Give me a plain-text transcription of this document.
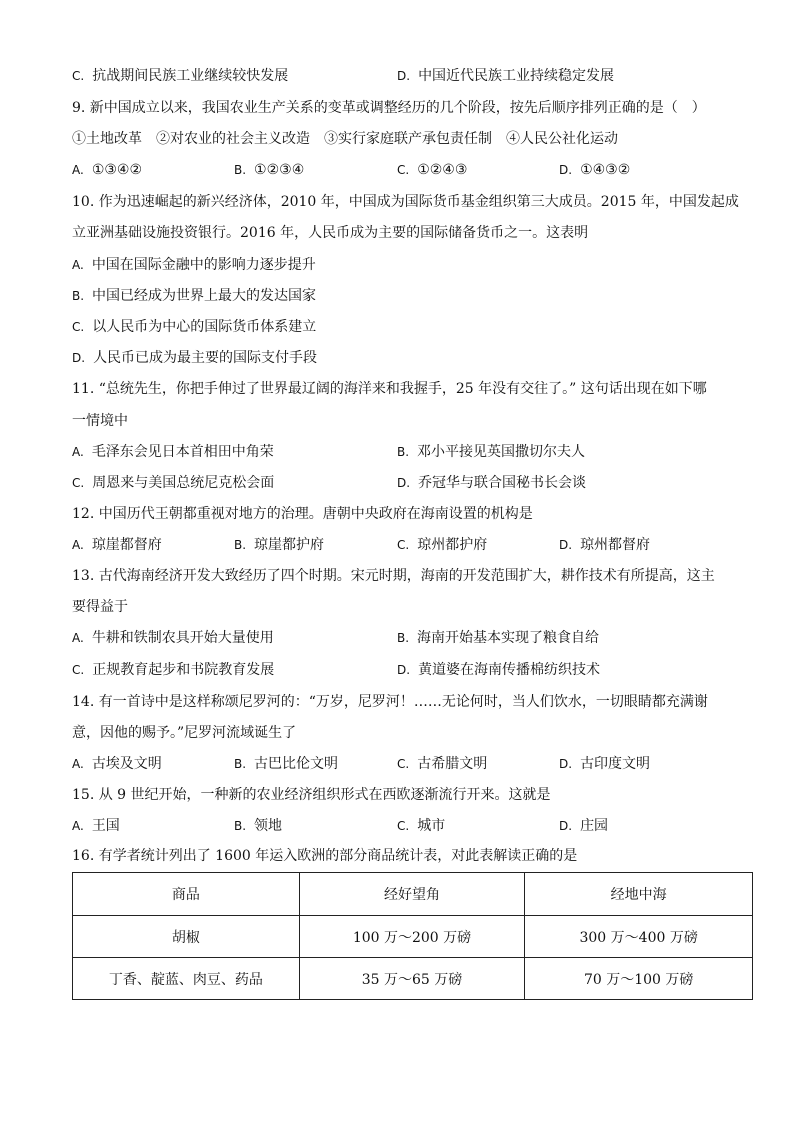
C. 抗战期间民族工业继续较快发展	D. 中国近代民族工业持续稳定发展
9. 新中国成立以来，我国农业生产关系的变革或调整经历的几个阶段，按先后顺序排列正确的是（　）
①土地改革　②对农业的社会主义改造　③实行家庭联产承包责任制　④人民公社化运动
A. ①③④②	B. ①②③④	C. ①②④③	D. ①④③②
10. 作为迅速崛起的新兴经济体，2010 年，中国成为国际货币基金组织第三大成员。2015 年，中国发起成
立亚洲基础设施投资银行。2016 年，人民币成为主要的国际储备货币之一。这表明
A. 中国在国际金融中的影响力逐步提升
B. 中国已经成为世界上最大的发达国家
C. 以人民币为中心的国际货币体系建立
D. 人民币已成为最主要的国际支付手段
11. “总统先生，你把手伸过了世界最辽阔的海洋来和我握手，25 年没有交往了。” 这句话出现在如下哪
一情境中
A. 毛泽东会见日本首相田中角荣	B. 邓小平接见英国撒切尔夫人
C. 周恩来与美国总统尼克松会面	D. 乔冠华与联合国秘书长会谈
12. 中国历代王朝都重视对地方的治理。唐朝中央政府在海南设置的机构是
A. 琼崖都督府	B. 琼崖都护府	C. 琼州都护府	D. 琼州都督府
13. 古代海南经济开发大致经历了四个时期。宋元时期，海南的开发范围扩大，耕作技术有所提高，这主
要得益于
A. 牛耕和铁制农具开始大量使用	B. 海南开始基本实现了粮食自给
C. 正规教育起步和书院教育发展	D. 黄道婆在海南传播棉纺织技术
14. 有一首诗中是这样称颂尼罗河的：“万岁，尼罗河！……无论何时，当人们饮水，一切眼睛都充满谢
意，因他的赐予。”尼罗河流域诞生了
A. 古埃及文明	B. 古巴比伦文明	C. 古希腊文明	D. 古印度文明
15. 从 9 世纪开始，一种新的农业经济组织形式在西欧逐渐流行开来。这就是
A. 王国	B. 领地	C. 城市	D. 庄园
16. 有学者统计列出了 1600 年运入欧洲的部分商品统计表，对此表解读正确的是
商品	经好望角	经地中海
胡椒	100 万～200 万磅	300 万～400 万磅
丁香、靛蓝、肉豆、药品	35 万～65 万磅	70 万～100 万磅
